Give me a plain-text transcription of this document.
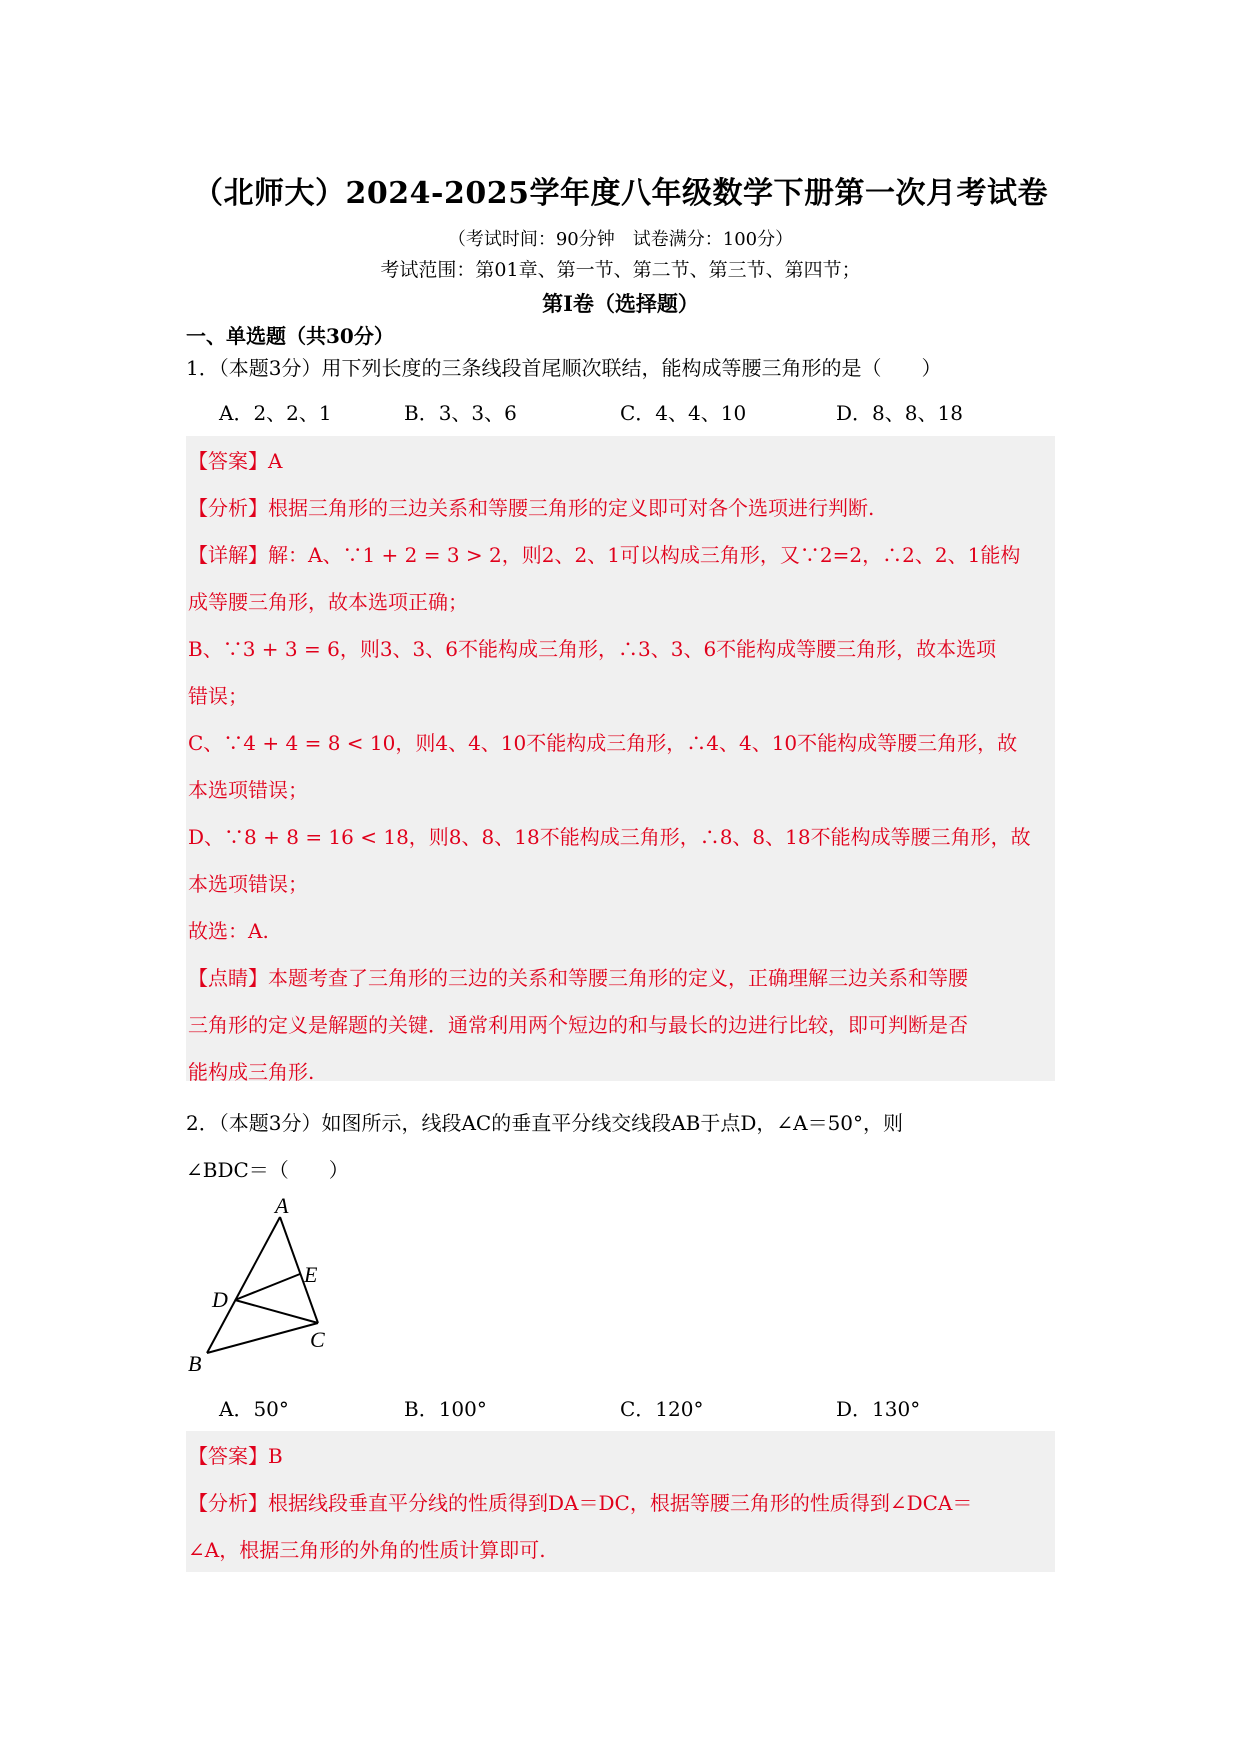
（北师大）2024-2025学年度八年级数学下册第一次月考试卷
（考试时间：90分钟　试卷满分：100分）
考试范围：第01章、第一节、第二节、第三节、第四节；
第Ⅰ卷（选择题）
一、单选题（共30分）
1．（本题3分）用下列长度的三条线段首尾顺次联结，能构成等腰三角形的是（　　）
A．2、2、1	B．3、3、6	C．4、4、10	D．8、8、18
【答案】A
【分析】根据三角形的三边关系和等腰三角形的定义即可对各个选项进行判断.
【详解】解：A、∵1 + 2 = 3 > 2，则2、2、1可以构成三角形，又∵2=2，∴2、2、1能构
成等腰三角形，故本选项正确；
B、∵3 + 3 = 6，则3、3、6不能构成三角形，∴3、3、6不能构成等腰三角形，故本选项
错误；
C、∵4 + 4 = 8 < 10，则4、4、10不能构成三角形，∴4、4、10不能构成等腰三角形，故
本选项错误；
D、∵8 + 8 = 16 < 18，则8、8、18不能构成三角形，∴8、8、18不能构成等腰三角形，故
本选项错误；
故选：A.
【点睛】本题考查了三角形的三边的关系和等腰三角形的定义，正确理解三边关系和等腰
三角形的定义是解题的关键．通常利用两个短边的和与最长的边进行比较，即可判断是否
能构成三角形.
2．（本题3分）如图所示，线段AC的垂直平分线交线段AB于点D，∠A＝50°，则
∠BDC＝（　　）
A
E
D
C
B
A．50°	B．100°	C．120°	D．130°
【答案】B
【分析】根据线段垂直平分线的性质得到DA＝DC，根据等腰三角形的性质得到∠DCA＝
∠A，根据三角形的外角的性质计算即可.
